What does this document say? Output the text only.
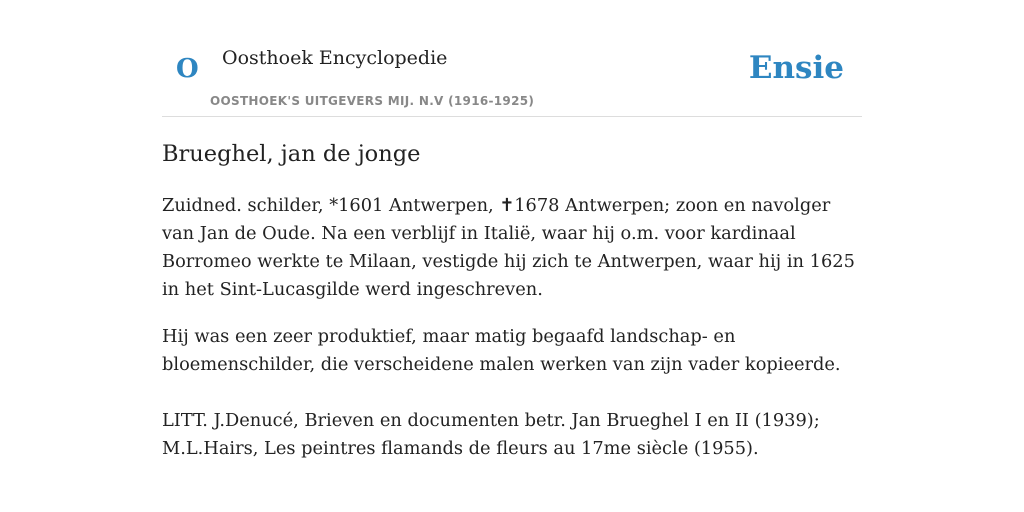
O Oosthoek Encyclopedie
OOSTHOEK'S UITGEVERS MIJ. N.V (1916-1925)
Ensie
Brueghel, jan de jonge

Zuidned. schilder, *1601 Antwerpen, ✝1678 Antwerpen; zoon en navolger van Jan de Oude. Na een verblijf in Italië, waar hij o.m. voor kardinaal Borromeo werkte te Milaan, vestigde hij zich te Antwerpen, waar hij in 1625 in het Sint-Lucasgilde werd ingeschreven.

Hij was een zeer produktief, maar matig begaafd landschap- en bloemenschilder, die verscheidene malen werken van zijn vader kopieerde.

LITT. J.Denucé, Brieven en documenten betr. Jan Brueghel I en II (1939);
M.L.Hairs, Les peintres flamands de fleurs au 17me siècle (1955).
